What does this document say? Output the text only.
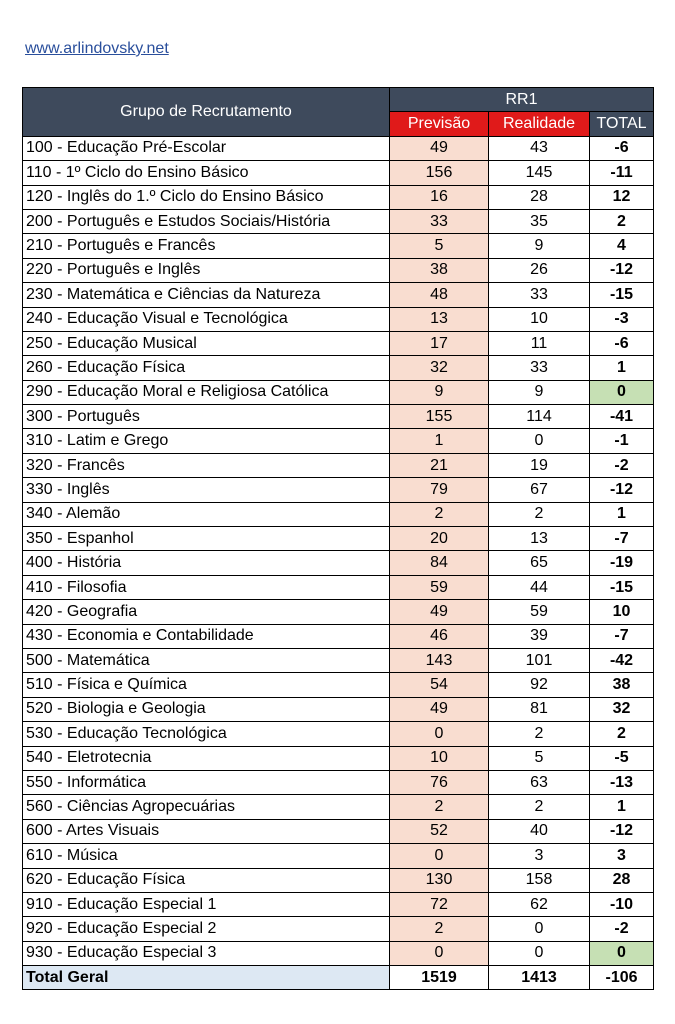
www.arlindovsky.net
Grupo de Recrutamento	RR1		
	Previsão	Realidade	TOTAL
100 - Educação Pré-Escolar	49	43	-6
110 - 1º Ciclo do Ensino Básico	156	145	-11
120 - Inglês do 1.º Ciclo do Ensino Básico	16	28	12
200 - Português e Estudos Sociais/História	33	35	2
210 - Português e Francês	5	9	4
220 - Português e Inglês	38	26	-12
230 - Matemática e Ciências da Natureza	48	33	-15
240 - Educação Visual e Tecnológica	13	10	-3
250 - Educação Musical	17	11	-6
260 - Educação Física	32	33	1
290 - Educação Moral e Religiosa Católica	9	9	0
300 - Português	155	114	-41
310 - Latim e Grego	1	0	-1
320 - Francês	21	19	-2
330 - Inglês	79	67	-12
340 - Alemão	2	2	1
350 - Espanhol	20	13	-7
400 - História	84	65	-19
410 - Filosofia	59	44	-15
420 - Geografia	49	59	10
430 - Economia e Contabilidade	46	39	-7
500 - Matemática	143	101	-42
510 - Física e Química	54	92	38
520 - Biologia e Geologia	49	81	32
530 - Educação Tecnológica	0	2	2
540 - Eletrotecnia	10	5	-5
550 - Informática	76	63	-13
560 - Ciências Agropecuárias	2	2	1
600 - Artes Visuais	52	40	-12
610 - Música	0	3	3
620 - Educação Física	130	158	28
910 - Educação Especial 1	72	62	-10
920 - Educação Especial 2	2	0	-2
930 - Educação Especial 3	0	0	0
Total Geral	1519	1413	-106
